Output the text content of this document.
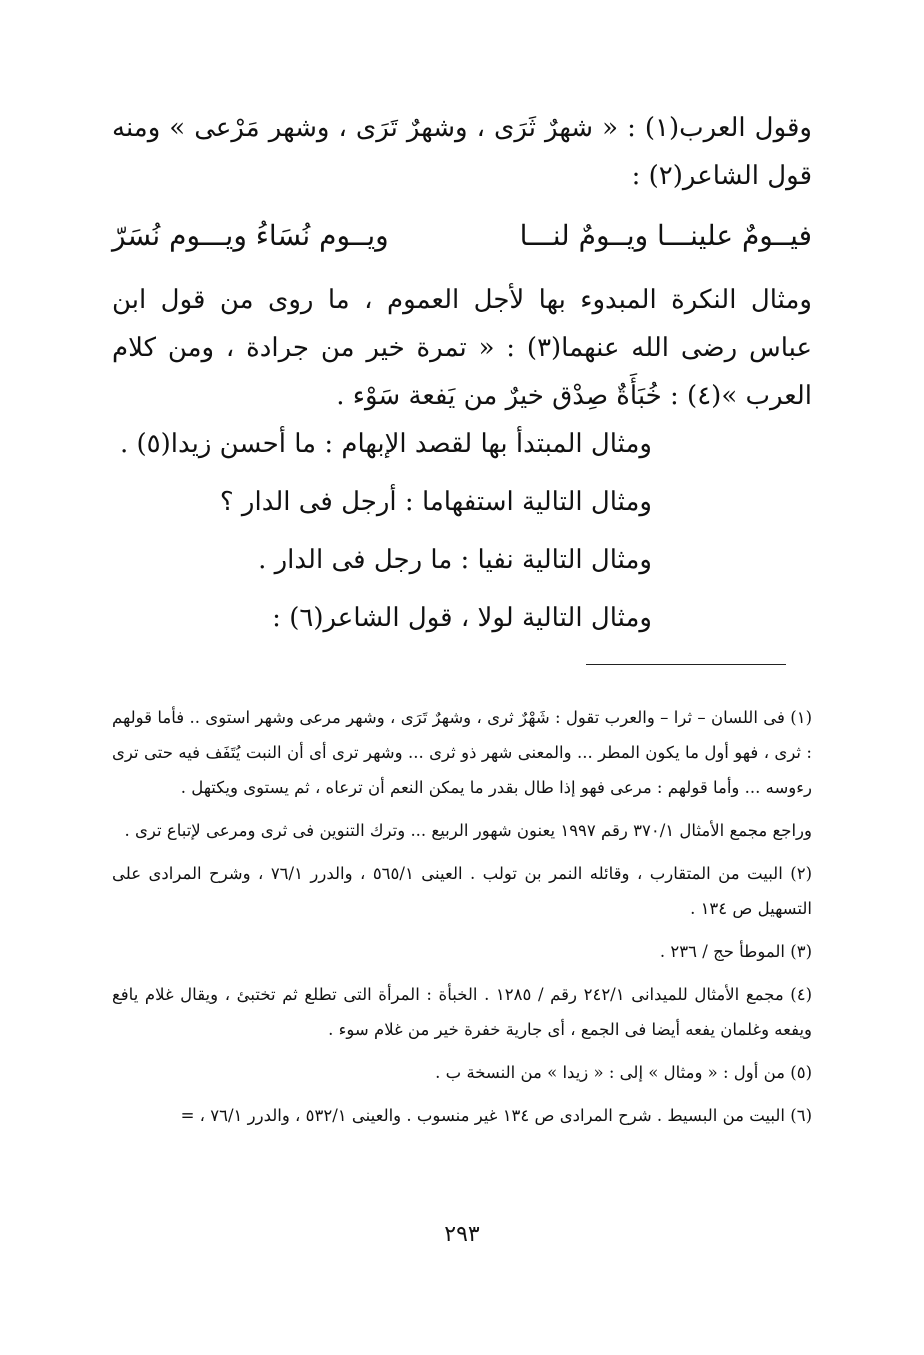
وقول العرب(١) : « شهرٌ ثَرَى ، وشهرٌ تَرَى ، وشهر مَرْعى » ومنه قول الشاعر(٢) :

فيــومٌ علينـــا ويــومٌ لنـــا
ويــوم نُسَاءُ ويـــوم نُسَرّ

ومثال النكرة المبدوء بها لأجل العموم ، ما روى من قول ابن عباس رضى الله عنهما(٣) : « تمرة خير من جرادة ، ومن كلام العرب »(٤) : خُبَأَةٌ صِدْق خيرٌ من يَفعة سَوْء .

ومثال المبتدأ بها لقصد الإبهام : ما أحسن زيدا(٥) .

ومثال التالية استفهاما : أرجل فى الدار ؟

ومثال التالية نفيا : ما رجل فى الدار .

ومثال التالية لولا ، قول الشاعر(٦) :

(١) فى اللسان – ثرا – والعرب تقول : شَهْرٌ ثرى ، وشهرٌ تَرَى ، وشهر مرعى وشهر استوى .. فأما قولهم : ثرى ، فهو أول ما يكون المطر ... والمعنى شهر ذو ثرى ... وشهر ترى أى أن النبت يُتَفَف فيه حتى ترى رءوسه ... وأما قولهم : مرعى فهو إذا طال بقدر ما يمكن النعم أن ترعاه ، ثم يستوى ويكتهل .

وراجع مجمع الأمثال ٣٧٠/١ رقم ١٩٩٧ يعنون شهور الربيع ... وترك التنوين فى ثرى ومرعى لإتباع ترى .

(٢) البيت من المتقارب ، وقائله النمر بن تولب . العينى ٥٦٥/١ ، والدرر ٧٦/١ ، وشرح المرادى على التسهيل ص ١٣٤ .

(٣) الموطأ حج / ٢٣٦ .

(٤) مجمع الأمثال للميدانى ٢٤٢/١ رقم / ١٢٨٥ . الخبأة : المرأة التى تطلع ثم تختبئ ، ويقال غلام يافع ويفعه وغلمان يفعه أيضا فى الجمع ، أى جارية خفرة خير من غلام سوء .

(٥) من أول : « ومثال » إلى : « زيدا » من النسخة ب .

(٦) البيت من البسيط . شرح المرادى ص ١٣٤ غير منسوب . والعينى ٥٣٢/١ ، والدرر ٧٦/١ ، =

٢٩٣
